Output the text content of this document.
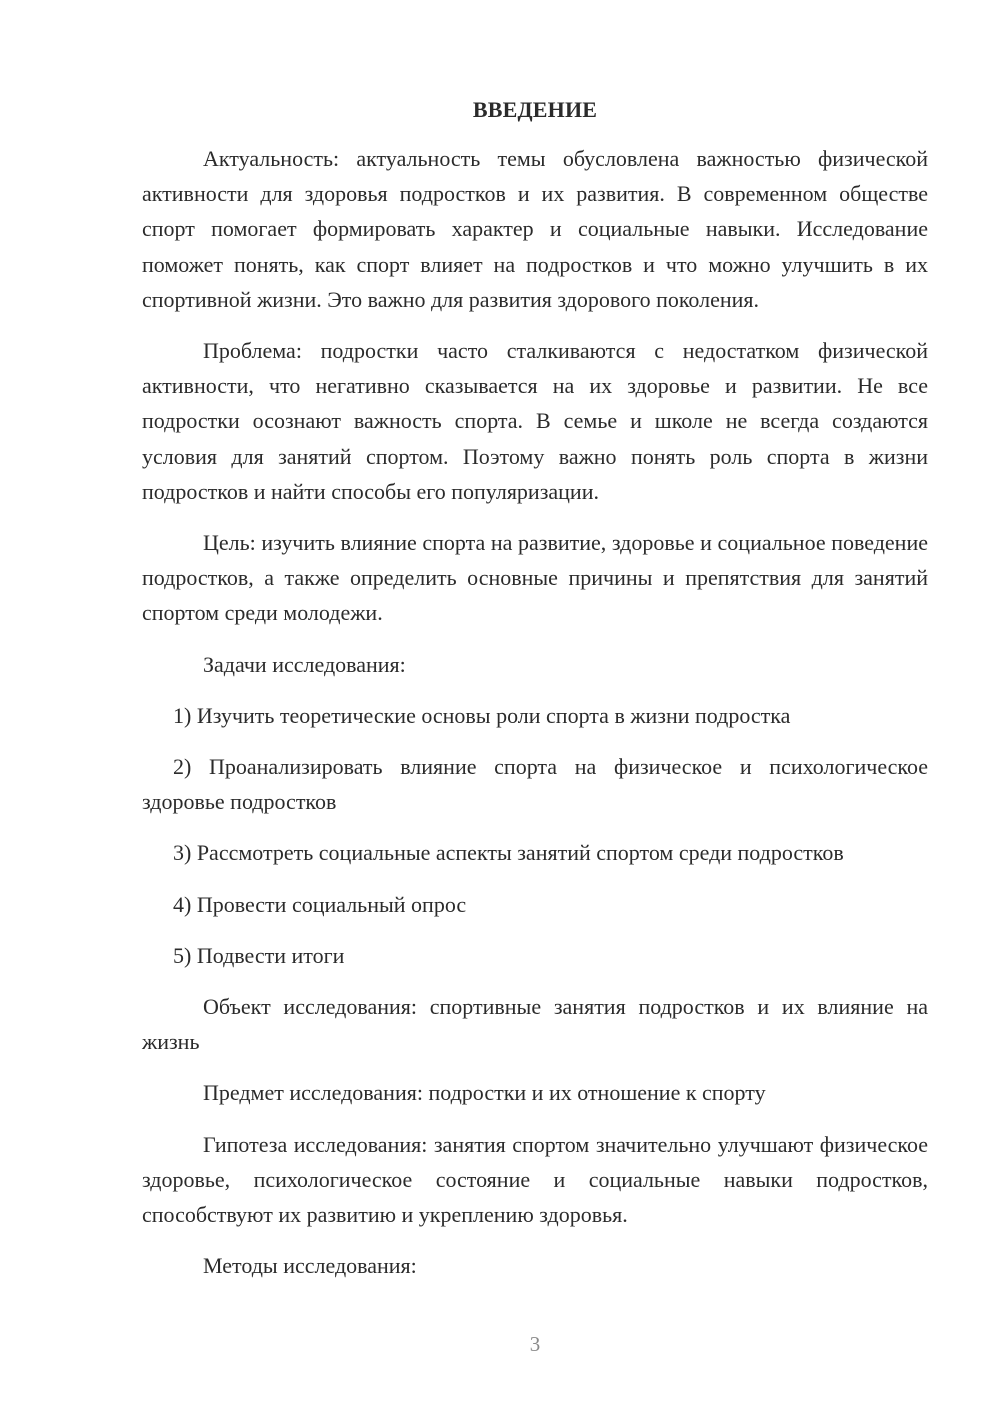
ВВЕДЕНИЕ

Актуальность: актуальность темы обусловлена важностью физической активности для здоровья подростков и их развития. В современном обществе спорт помогает формировать характер и социальные навыки. Исследование поможет понять, как спорт влияет на подростков и что можно улучшить в их спортивной жизни. Это важно для развития здорового поколения.

Проблема: подростки часто сталкиваются с недостатком физической активности, что негативно сказывается на их здоровье и развитии. Не все подростки осознают важность спорта. В семье и школе не всегда создаются условия для занятий спортом. Поэтому важно понять роль спорта в жизни подростков и найти способы его популяризации.

Цель: изучить влияние спорта на развитие, здоровье и социальное поведение подростков, а также определить основные причины и препятствия для занятий спортом среди молодежи.

Задачи исследования:

1) Изучить теоретические основы роли спорта в жизни подростка

2) Проанализировать влияние спорта на физическое и психологическое здоровье подростков

3) Рассмотреть социальные аспекты занятий спортом среди подростков

4) Провести социальный опрос

5) Подвести итоги

Объект исследования: спортивные занятия подростков и их влияние на жизнь

Предмет исследования: подростки и их отношение к спорту

Гипотеза исследования: занятия спортом значительно улучшают физическое здоровье, психологическое состояние и социальные навыки подростков, способствуют их развитию и укреплению здоровья.

Методы исследования:

3
